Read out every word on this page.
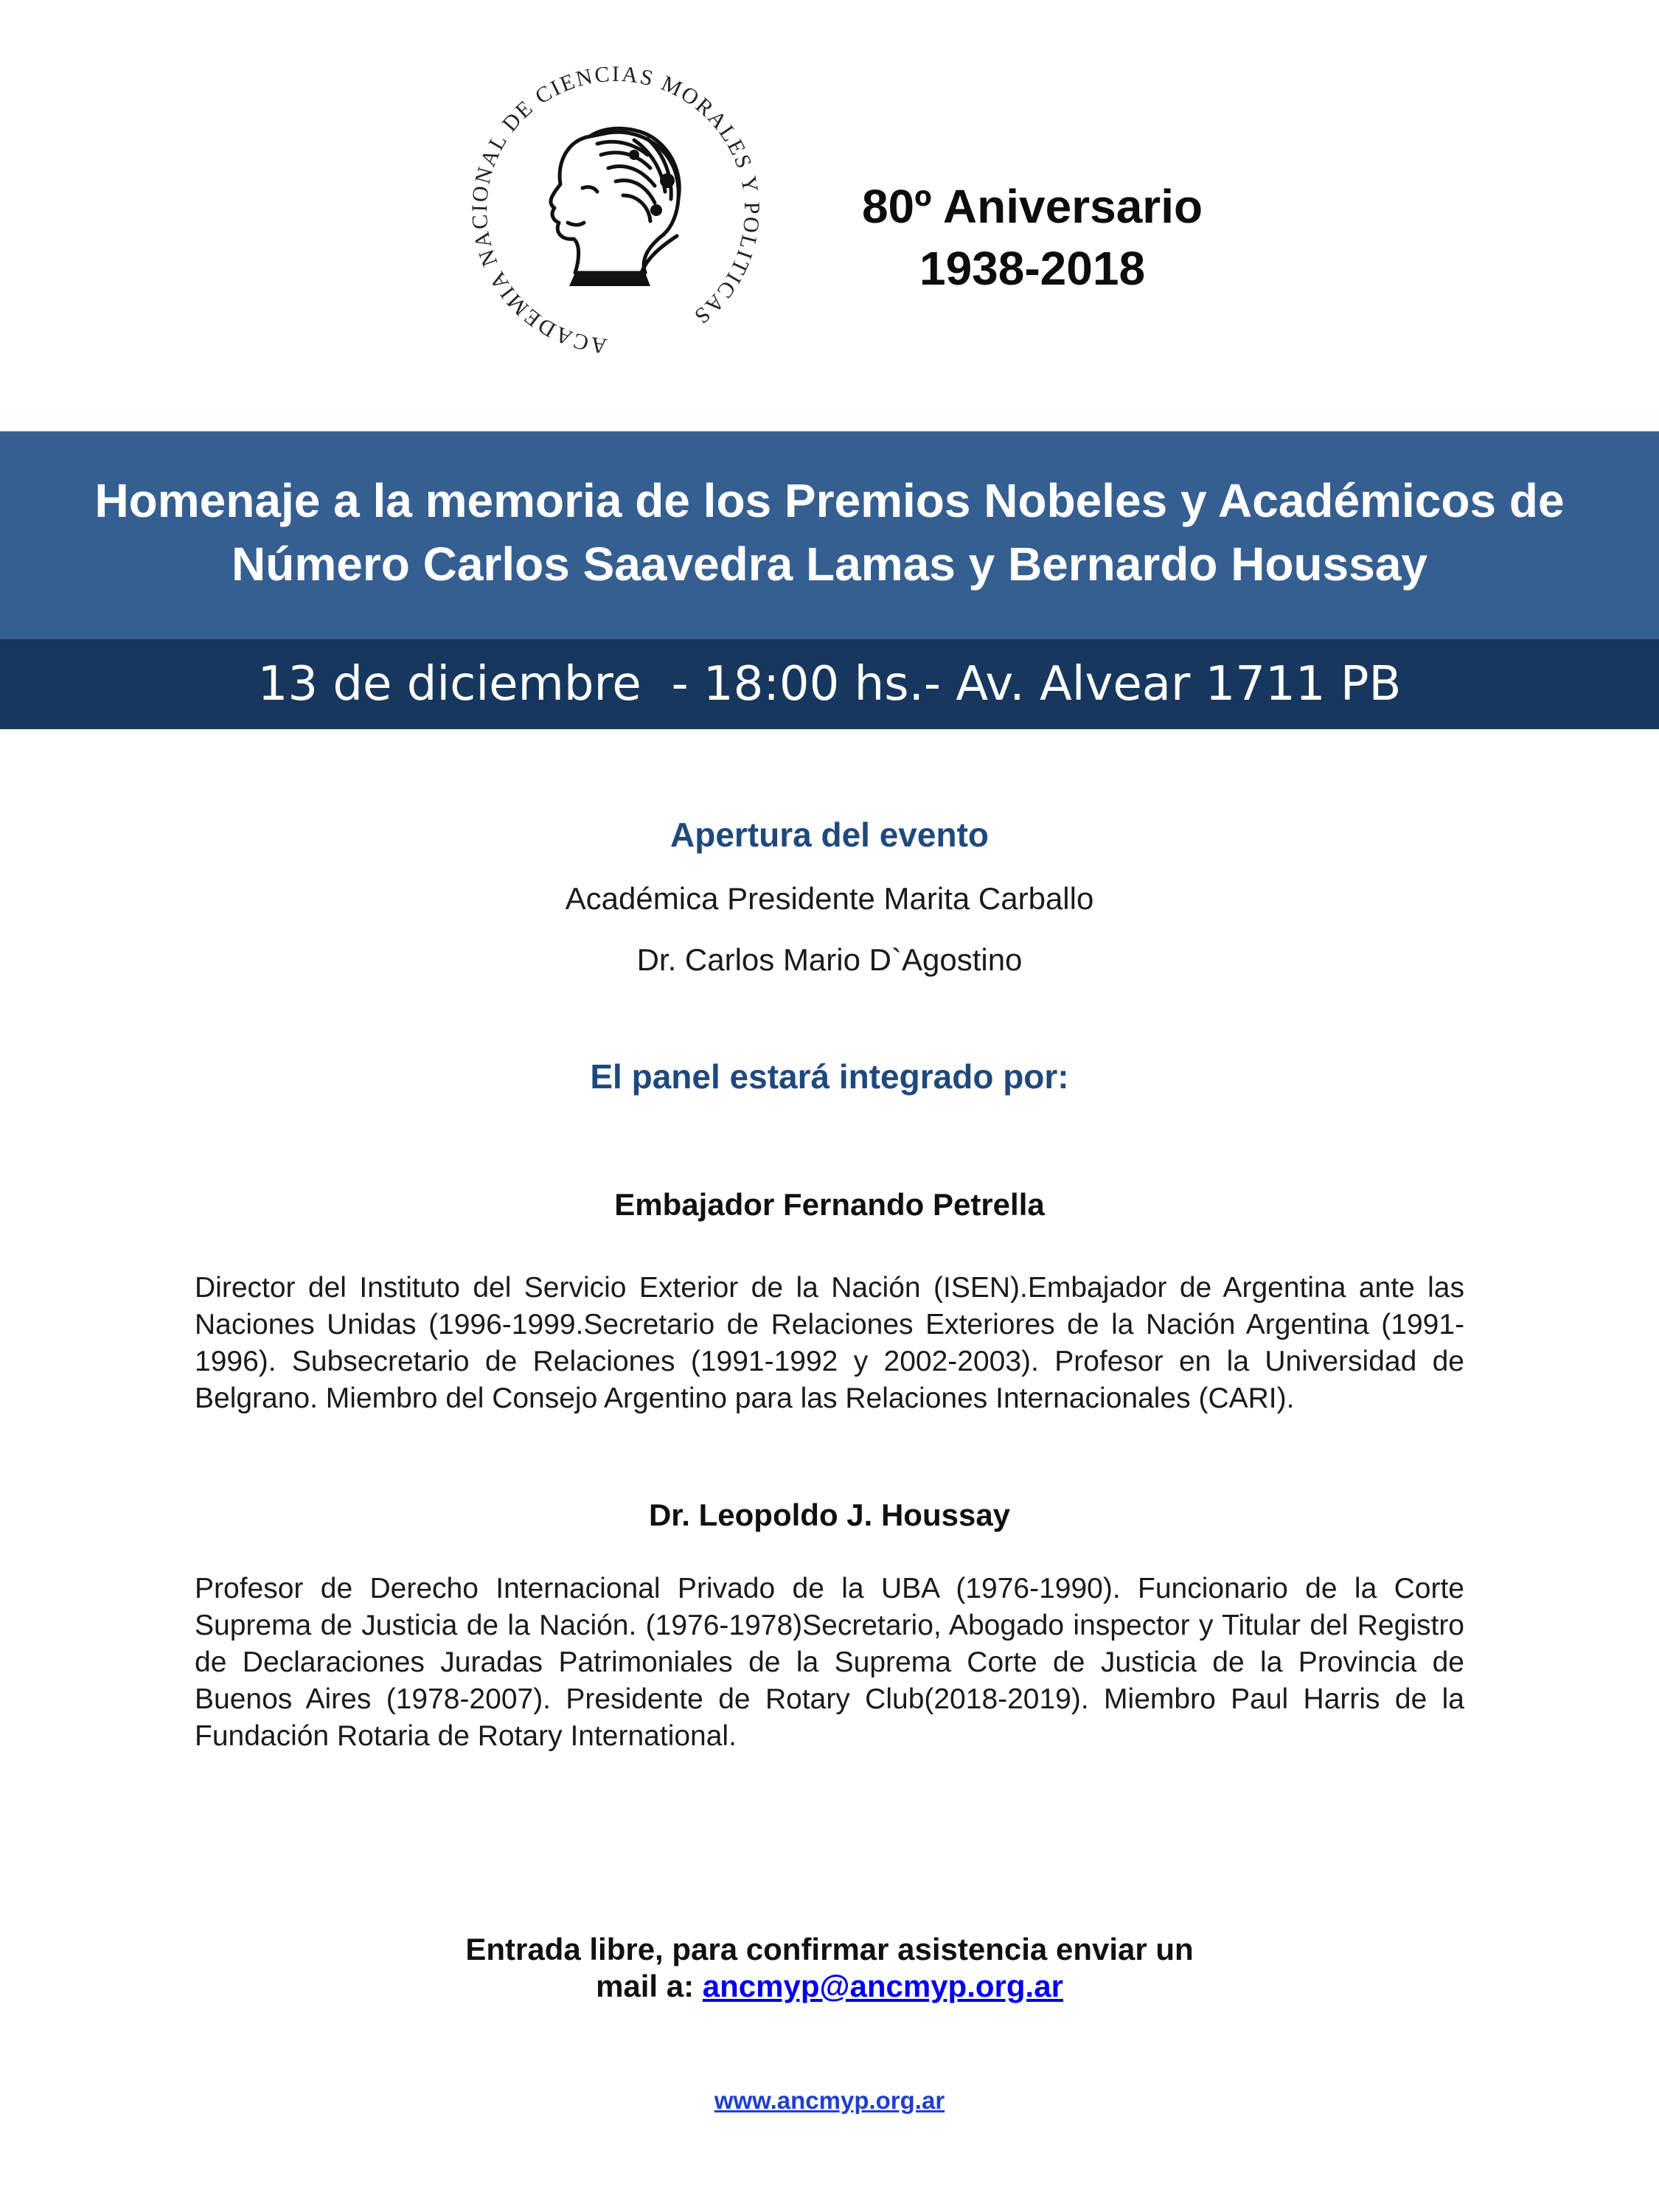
ACADEMIA NACIONAL DE CIENCIAS MORALES Y POLITICAS
80º Aniversario
1938-2018
Homenaje a la memoria de los Premios Nobeles y Académicos de
Número Carlos Saavedra Lamas y Bernardo Houssay
13 de diciembre  - 18:00 hs.- Av. Alvear 1711 PB
Apertura del evento
Académica Presidente Marita Carballo
Dr. Carlos Mario D`Agostino
El panel estará integrado por:
Embajador Fernando Petrella
Director del Instituto del Servicio Exterior de la Nación (ISEN).Embajador de Argentina ante las Naciones Unidas (1996-1999.Secretario de Relaciones Exteriores de la Nación Argentina (1991-1996). Subsecretario de Relaciones (1991-1992 y 2002-2003). Profesor en la Universidad de Belgrano. Miembro del Consejo Argentino para las Relaciones Internacionales (CARI).
Dr. Leopoldo J. Houssay
Profesor de Derecho Internacional Privado de la UBA (1976-1990). Funcionario de la Corte Suprema de Justicia de la Nación. (1976-1978)Secretario, Abogado inspector y Titular del Registro de Declaraciones Juradas Patrimoniales de la Suprema Corte de Justicia de la Provincia de Buenos Aires (1978-2007). Presidente de Rotary Club(2018-2019). Miembro Paul Harris de la Fundación Rotaria de Rotary International.
Entrada libre, para confirmar asistencia enviar un
mail a: ancmyp@ancmyp.org.ar
www.ancmyp.org.ar
